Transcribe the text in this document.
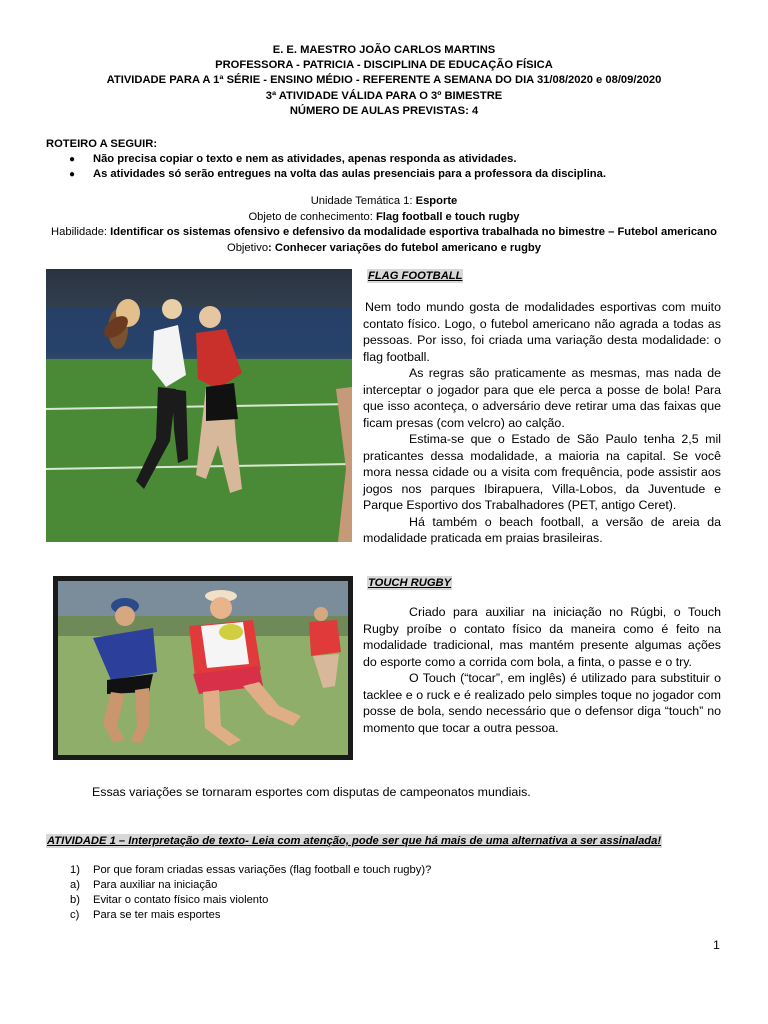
E. E. MAESTRO JOÃO CARLOS MARTINS
PROFESSORA - PATRICIA - DISCIPLINA DE EDUCAÇÃO FÍSICA
ATIVIDADE PARA A 1ª SÉRIE - ENSINO MÉDIO - REFERENTE A SEMANA DO DIA 31/08/2020 e 08/09/2020
3ª ATIVIDADE VÁLIDA PARA O 3º BIMESTRE
NÚMERO DE AULAS PREVISTAS: 4
ROTEIRO A SEGUIR:
● Não precisa copiar o texto e nem as atividades, apenas responda as atividades.
● As atividades só serão entregues na volta das aulas presenciais para a professora da disciplina.
Unidade Temática 1: Esporte
Objeto de conhecimento: Flag football e touch rugby
Habilidade: Identificar os sistemas ofensivo e defensivo da modalidade esportiva trabalhada no bimestre – Futebol americano
Objetivo: Conhecer variações do futebol americano e rugby
FLAG FOOTBALL

Nem todo mundo gosta de modalidades esportivas com muito contato físico. Logo, o futebol americano não agrada a todas as pessoas. Por isso, foi criada uma variação desta modalidade: o flag football.

As regras são praticamente as mesmas, mas nada de interceptar o jogador para que ele perca a posse de bola! Para que isso aconteça, o adversário deve retirar uma das faixas que ficam presas (com velcro) ao calção.

Estima-se que o Estado de São Paulo tenha 2,5 mil praticantes dessa modalidade, a maioria na capital. Se você mora nessa cidade ou a visita com frequência, pode assistir aos jogos nos parques Ibirapuera, Villa-Lobos, da Juventude e Parque Esportivo dos Trabalhadores (PET, antigo Ceret).

Há também o beach football, a versão de areia da modalidade praticada em praias brasileiras.

TOUCH RUGBY

Criado para auxiliar na iniciação no Rúgbi, o Touch Rugby proíbe o contato físico da maneira como é feito na modalidade tradicional, mas mantém presente algumas ações do esporte como a corrida com bola, a finta, o passe e o try.

O Touch (“tocar”, em inglês) é utilizado para substituir o tacklee e o ruck e é realizado pelo simples toque no jogador com posse de bola, sendo necessário que o defensor diga “touch” no momento que tocar a outra pessoa.

Essas variações se tornaram esportes com disputas de campeonatos mundiais.
ATIVIDADE 1 – Interpretação de texto- Leia com atenção, pode ser que há mais de uma alternativa a ser assinalada!
1) Por que foram criadas essas variações (flag football e touch rugby)?
a) Para auxiliar na iniciação
b) Evitar o contato físico mais violento
c) Para se ter mais esportes
1
